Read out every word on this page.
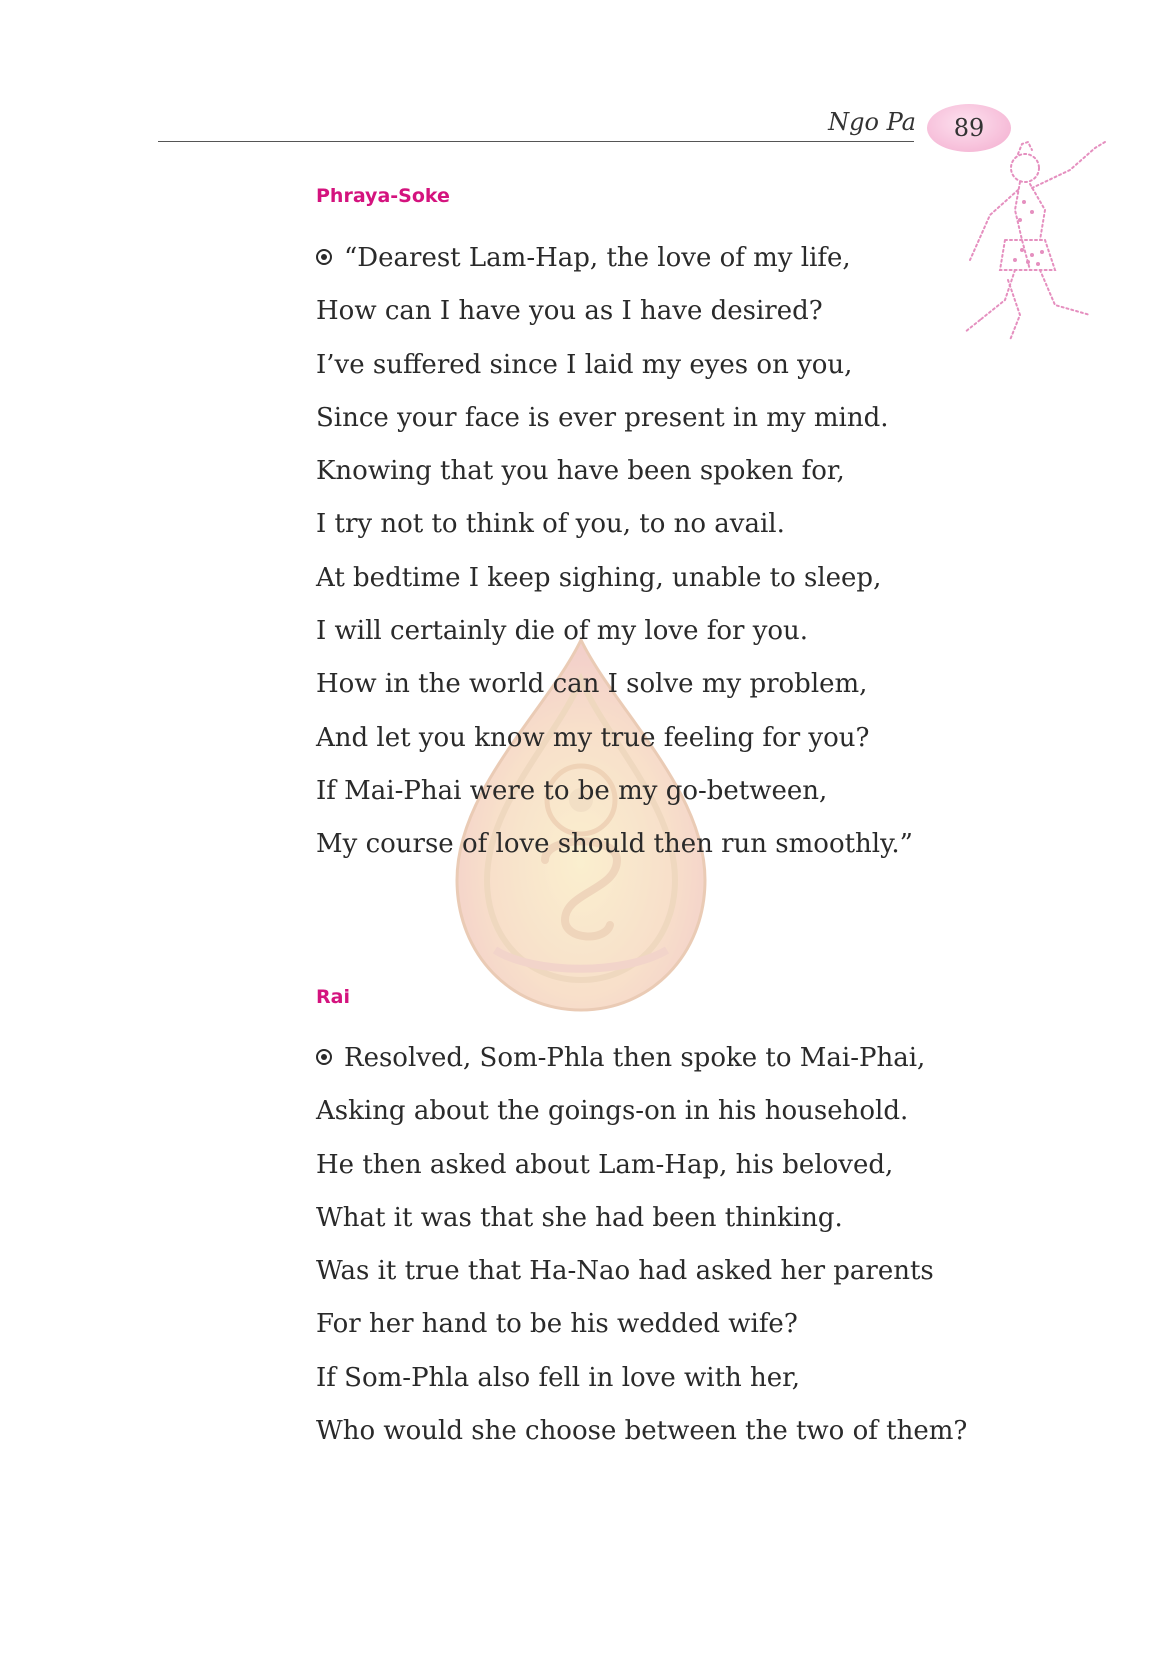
Ngo Pa 89
Phraya-Soke
“Dearest Lam-Hap, the love of my life,
How can I have you as I have desired?
I’ve suffered since I laid my eyes on you,
Since your face is ever present in my mind.
Knowing that you have been spoken for,
I try not to think of you, to no avail.
At bedtime I keep sighing, unable to sleep,
I will certainly die of my love for you.
How in the world can I solve my problem,
And let you know my true feeling for you?
If Mai-Phai were to be my go-between,
My course of love should then run smoothly.”
Rai
Resolved, Som-Phla then spoke to Mai-Phai,
Asking about the goings-on in his household.
He then asked about Lam-Hap, his beloved,
What it was that she had been thinking.
Was it true that Ha-Nao had asked her parents
For her hand to be his wedded wife?
If Som-Phla also fell in love with her,
Who would she choose between the two of them?
